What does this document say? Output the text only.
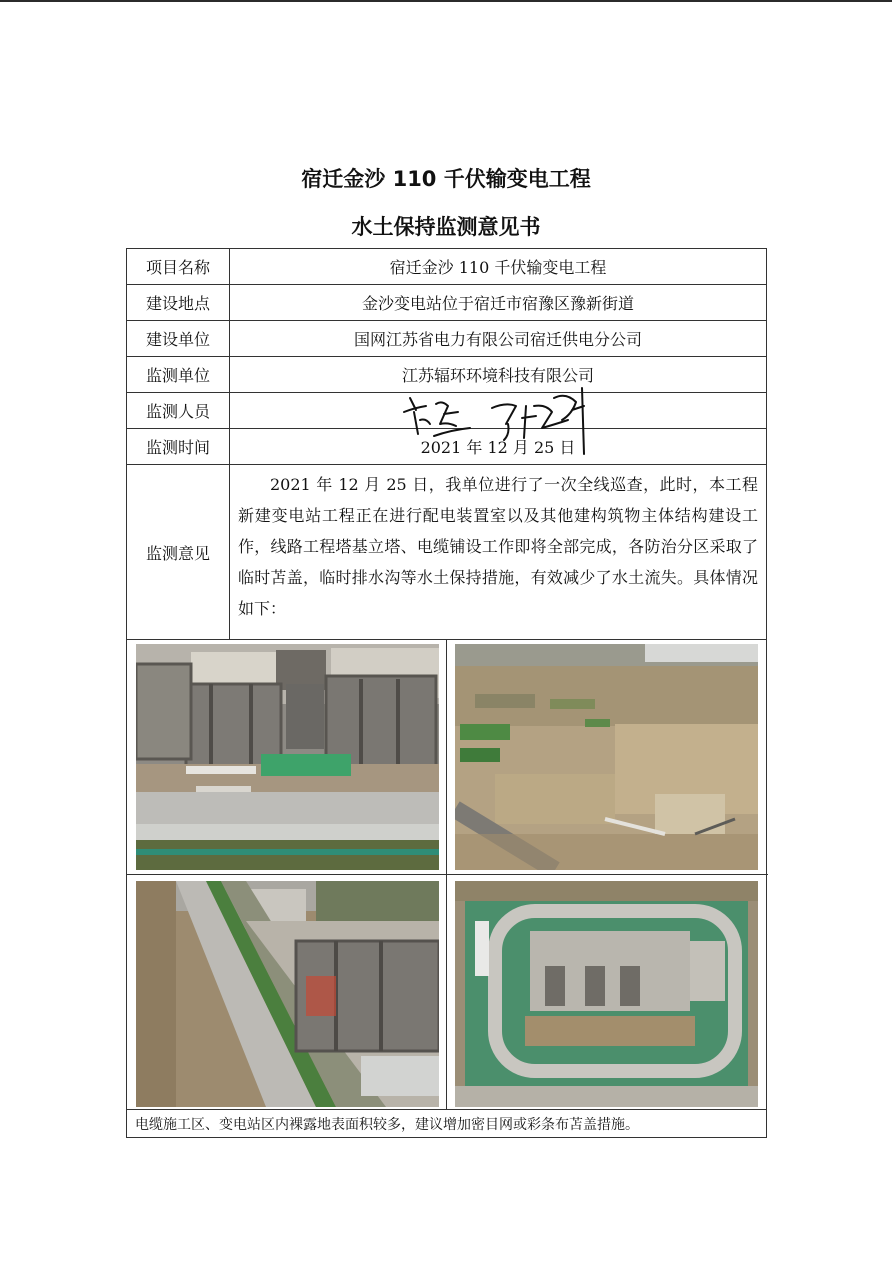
宿迁金沙 110 千伏输变电工程
水土保持监测意见书
项目名称	宿迁金沙 110 千伏输变电工程
建设地点	金沙变电站位于宿迁市宿豫区豫新街道
建设单位	国网江苏省电力有限公司宿迁供电分公司
监测单位	江苏辐环环境科技有限公司
监测人员	
监测时间	2021 年 12 月 25 日
监测意见	2021 年 12 月 25 日，我单位进行了一次全线巡查，此时，本工程新建变电站工程正在进行配电装置室以及其他建构筑物主体结构建设工作，线路工程塔基立塔、电缆铺设工作即将全部完成，各防治分区采取了临时苫盖，临时排水沟等水土保持措施，有效减少了水土流失。具体情况如下：

电缆施工区、变电站区内裸露地表面积较多，建议增加密目网或彩条布苫盖措施。	
